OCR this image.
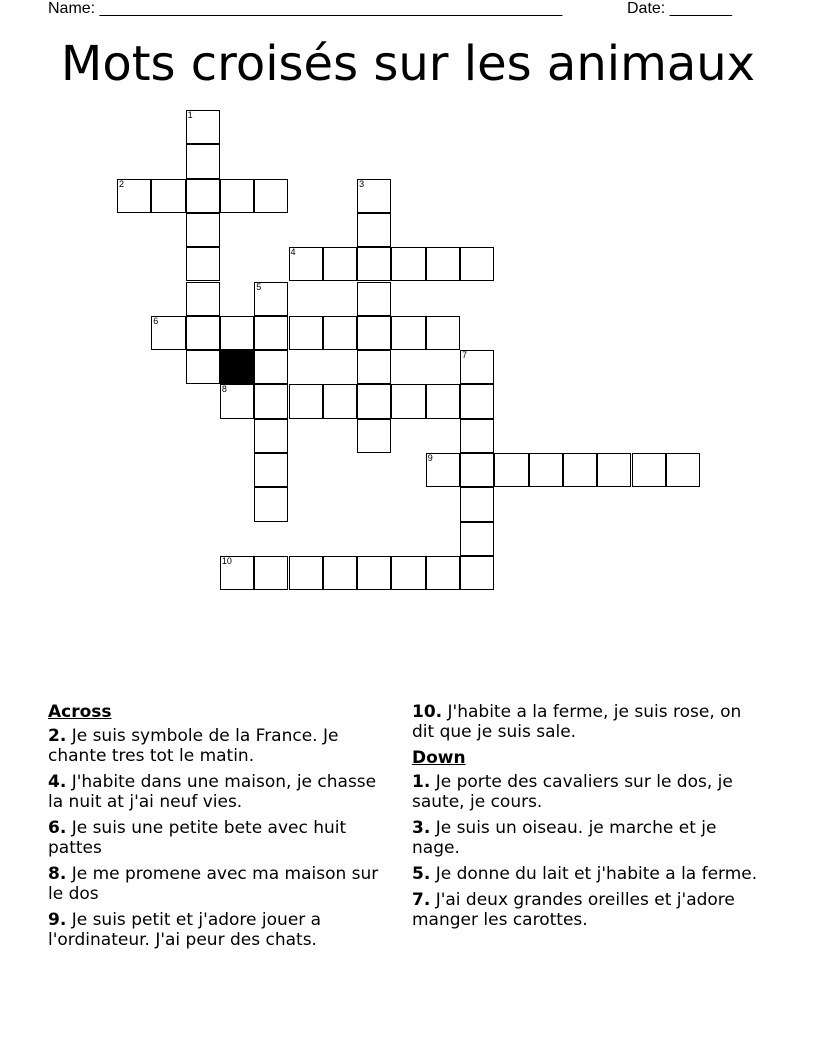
Name: ____________________________________________________	Date: _______
Mots croisés sur les animaux
1
2	3
4
5
6
7
8
9
10
Across
2. Je suis symbole de la France. Je chante tres tot le matin.
4. J'habite dans une maison, je chasse la nuit at j'ai neuf vies.
6. Je suis une petite bete avec huit pattes
8. Je me promene avec ma maison sur le dos
9. Je suis petit et j'adore jouer a l'ordinateur. J'ai peur des chats.
10. J'habite a la ferme, je suis rose, on dit que je suis sale.
Down
1. Je porte des cavaliers sur le dos, je saute, je cours.
3. Je suis un oiseau. je marche et je nage.
5. Je donne du lait et j'habite a la ferme.
7. J'ai deux grandes oreilles et j'adore manger les carottes.
